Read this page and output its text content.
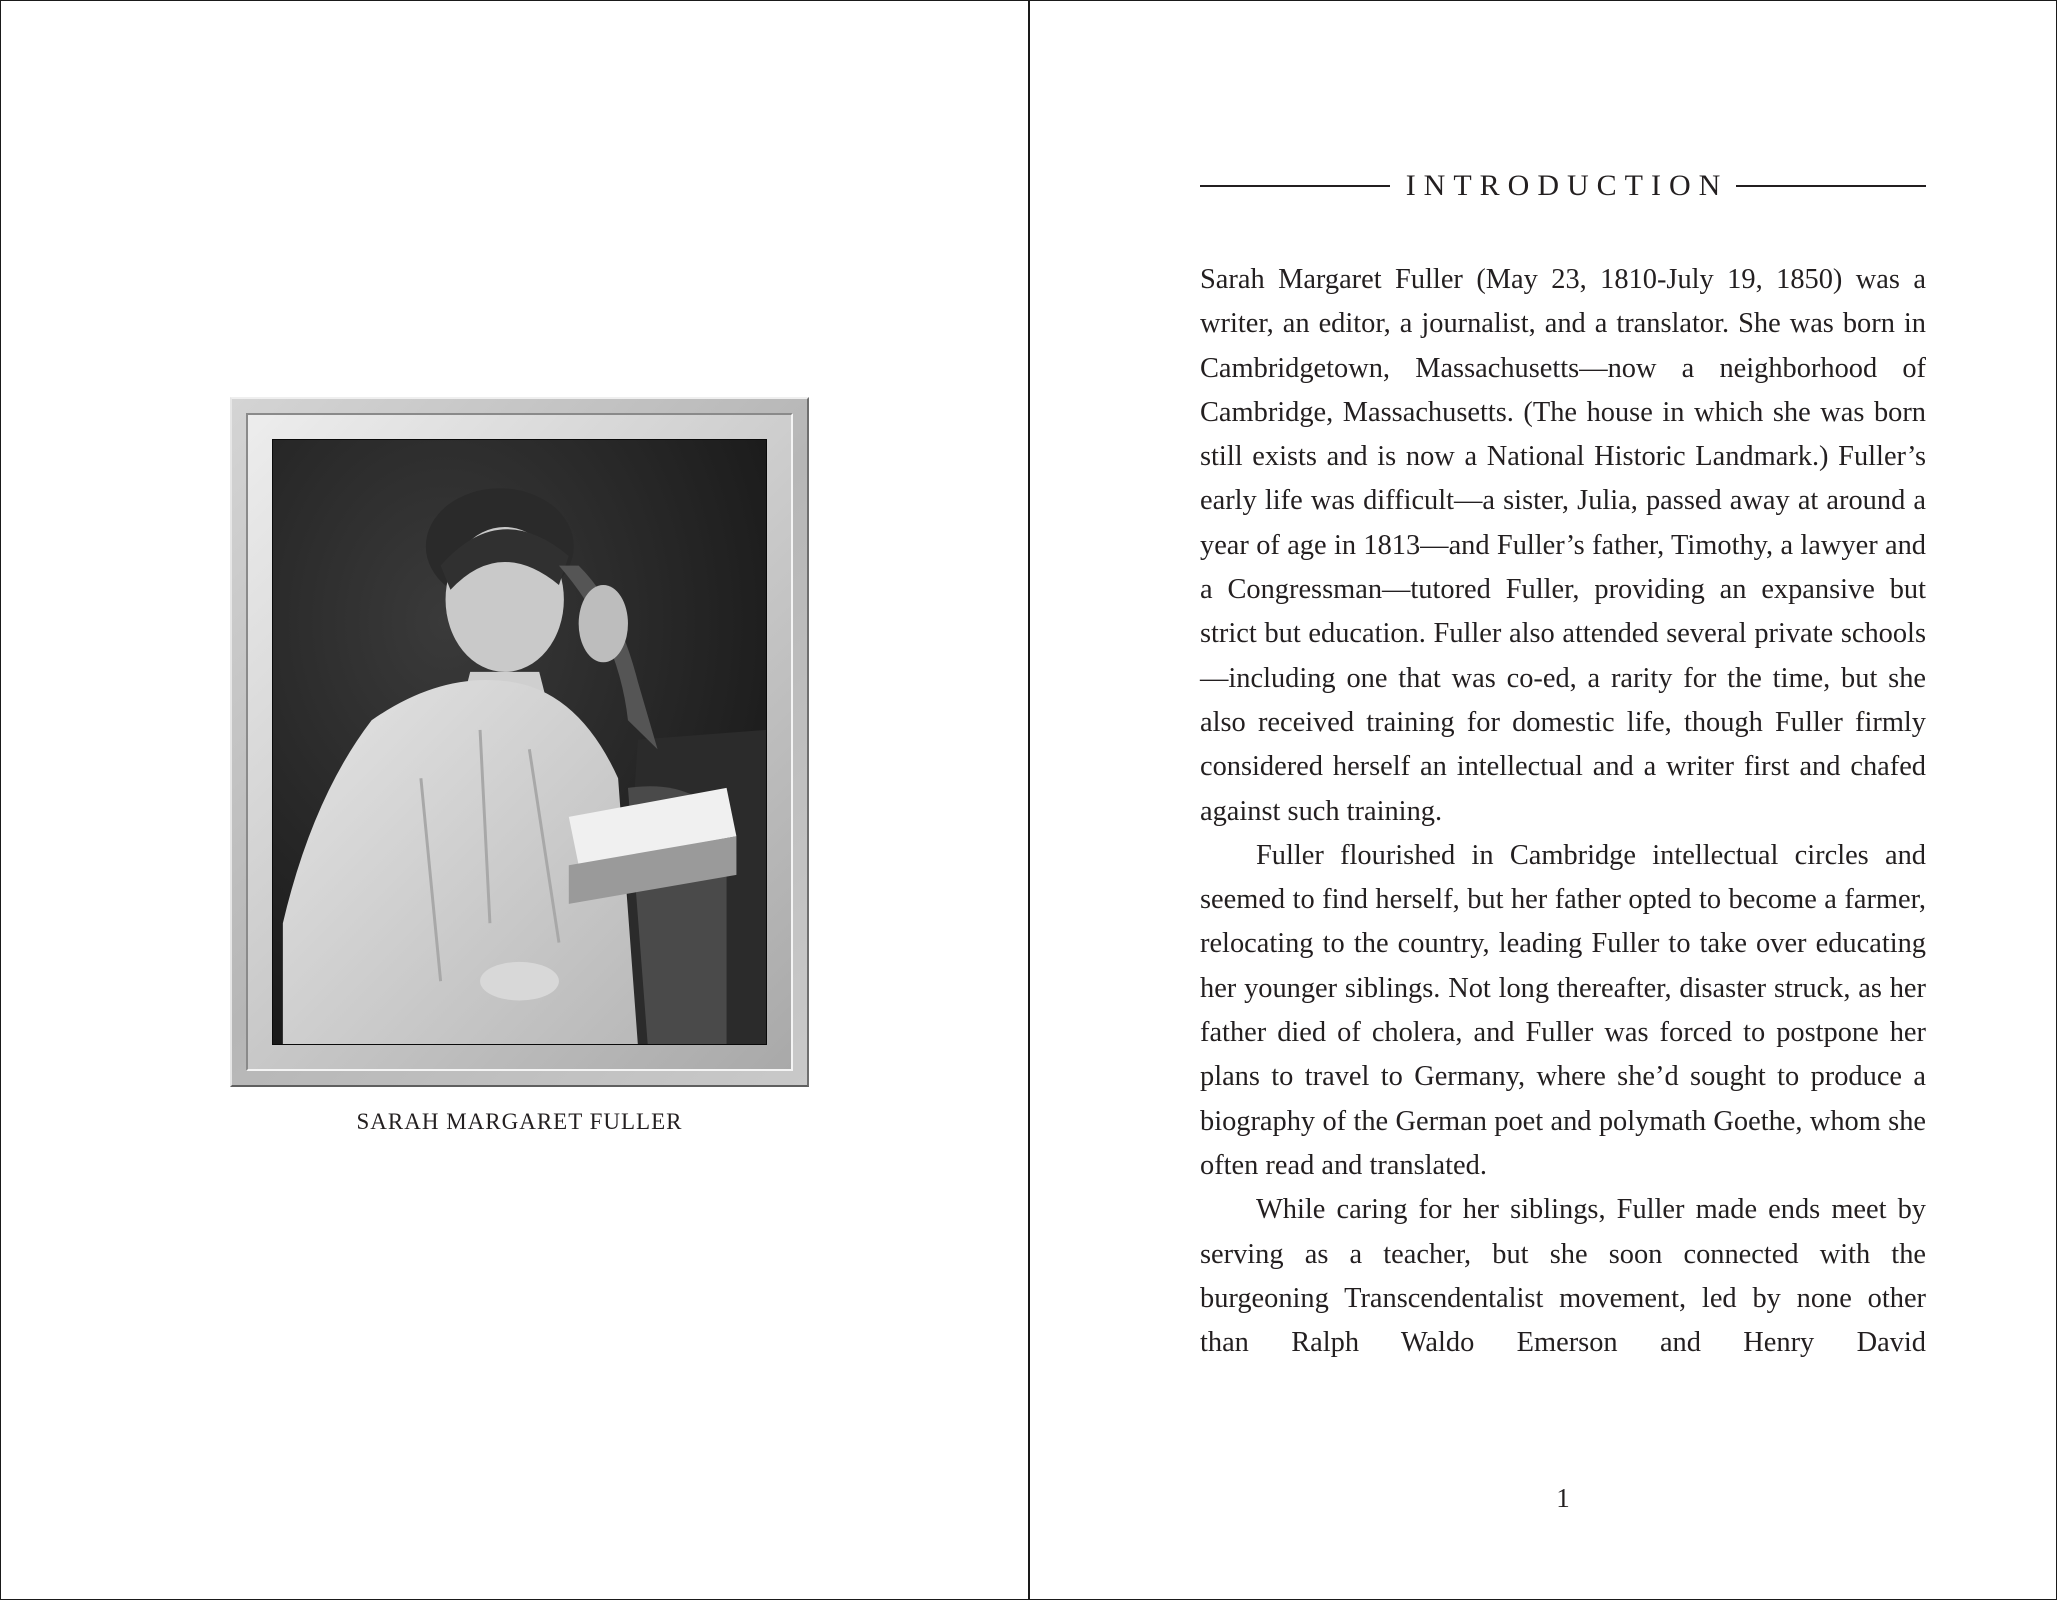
SARAH MARGARET FULLER
INTRODUCTION

Sarah Margaret Fuller (May 23, 1810-July 19, 1850) was a writer, an editor, a journalist, and a translator. She was born in Cambridgetown, Massachusetts—now a neighborhood of Cambridge, Massachusetts. (The house in which she was born still exists and is now a National Historic Landmark.) Fuller’s early life was difficult—a sister, Julia, passed away at around a year of age in 1813—and Fuller’s father, Timothy, a lawyer and a Congressman—tutored Fuller, providing an expansive but strict but education. Fuller also attended several private schools—including one that was co-ed, a rarity for the time, but she also received training for domestic life, though Fuller firmly considered herself an intellectual and a writer first and chafed against such training.

Fuller flourished in Cambridge intellectual circles and seemed to find herself, but her father opted to become a farmer, relocating to the country, leading Fuller to take over educating her younger siblings. Not long thereafter, disaster struck, as her father died of cholera, and Fuller was forced to postpone her plans to travel to Germany, where she’d sought to produce a biography of the German poet and polymath Goethe, whom she often read and translated.

While caring for her siblings, Fuller made ends meet by serving as a teacher, but she soon connected with the burgeoning Transcendentalist movement, led by none other than Ralph Waldo Emerson and Henry David

1
